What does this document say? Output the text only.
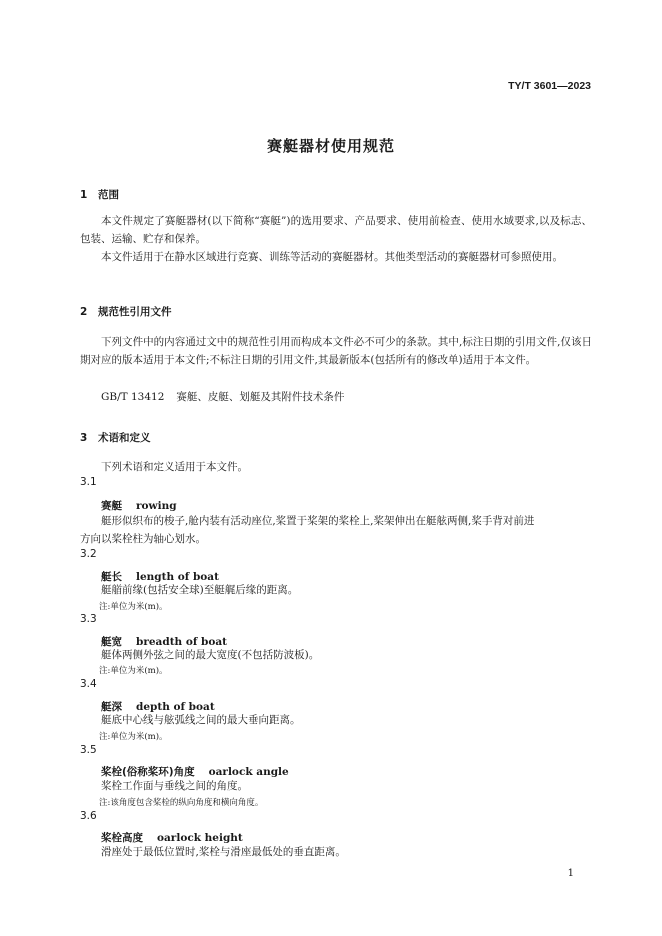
TY/T 3601—2023
赛艇器材使用规范
1 范围
本文件规定了赛艇器材(以下简称“赛艇”)的选用要求、产品要求、使用前检查、使用水域要求,以及标志、包装、运输、贮存和保养。
本文件适用于在静水区域进行竞赛、训练等活动的赛艇器材。其他类型活动的赛艇器材可参照使用。
2 规范性引用文件
下列文件中的内容通过文中的规范性引用而构成本文件必不可少的条款。其中,标注日期的引用文件,仅该日期对应的版本适用于本文件;不标注日期的引用文件,其最新版本(包括所有的修改单)适用于本文件。
GB/T 13412 赛艇、皮艇、划艇及其附件技术条件
3 术语和定义
下列术语和定义适用于本文件。
3.1
赛艇 rowing
艇形似织布的梭子,舱内装有活动座位,桨置于桨架的桨栓上,桨架伸出在艇舷两侧,桨手背对前进
方向以桨栓柱为轴心划水。
3.2
艇长 length of boat
艇艏前缘(包括安全球)至艇艉后缘的距离。
注:单位为米(m)。
3.3
艇宽 breadth of boat
艇体两侧外弦之间的最大宽度(不包括防波板)。
注:单位为米(m)。
3.4
艇深 depth of boat
艇底中心线与舷弧线之间的最大垂向距离。
注:单位为米(m)。
3.5
桨栓(俗称桨环)角度 oarlock angle
桨栓工作面与垂线之间的角度。
注:该角度包含桨栓的纵向角度和横向角度。
3.6
桨栓高度 oarlock height
滑座处于最低位置时,桨栓与滑座最低处的垂直距离。
1
